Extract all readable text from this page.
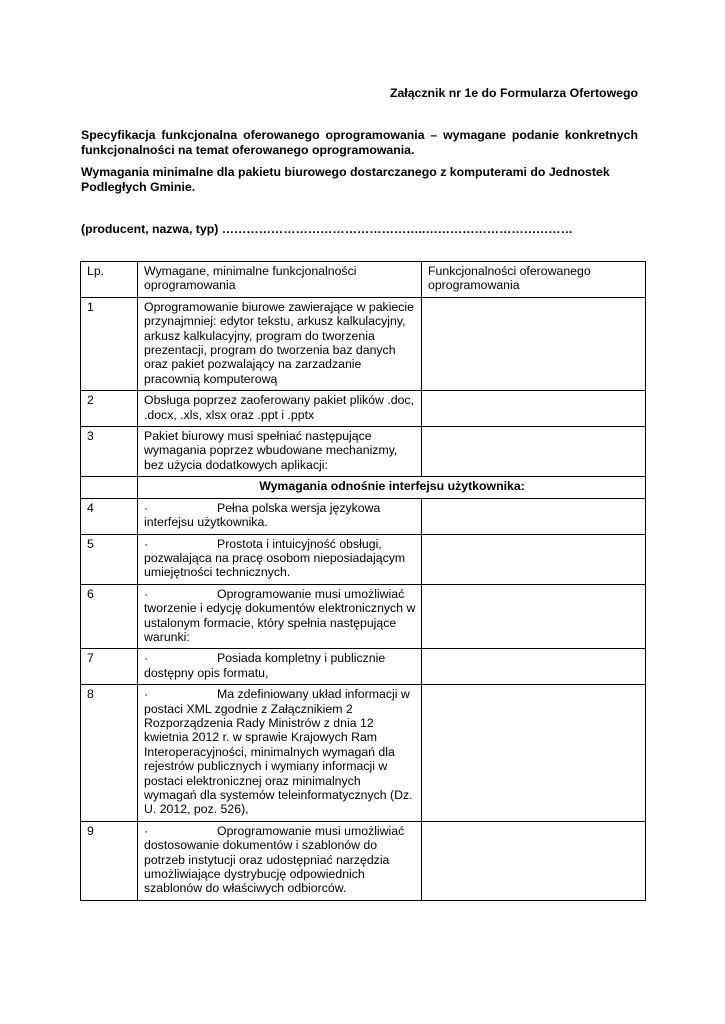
Załącznik nr 1e do Formularza Ofertowego
Specyfikacja funkcjonalna oferowanego oprogramowania – wymagane podanie konkretnych funkcjonalności na temat oferowanego oprogramowania.
Wymagania minimalne dla pakietu biurowego dostarczanego z komputerami do Jednostek Podległych Gminie.
(producent, nazwa, typ) …………………………………………..………………………………
Lp.	Wymagane, minimalne funkcjonalności oprogramowania	Funkcjonalności oferowanego oprogramowania
1	Oprogramowanie biurowe zawierające w pakiecie przynajmniej: edytor tekstu, arkusz kalkulacyjny, arkusz kalkulacyjny, program do tworzenia prezentacji, program do tworzenia baz danych oraz pakiet pozwalający na zarzadzanie pracownią komputerową	
2	Obsługa poprzez zaoferowany pakiet plików .doc, .docx, .xls, xlsx oraz .ppt i .pptx	
3	Pakiet biurowy musi spełniać następujące wymagania poprzez wbudowane mechanizmy, bez użycia dodatkowych aplikacji:	
	Wymagania odnośnie interfejsu użytkownika:	
4	· Pełna polska wersja językowa
interfejsu użytkownika.	

5	· Prostota i intuicyjność obsługi,
pozwalająca na pracę osobom nieposiadającym umiejętności technicznych.	

6	· Oprogramowanie musi umożliwiać
tworzenie i edycję dokumentów elektronicznych w ustalonym formacie, który spełnia następujące warunki:	

7	· Posiada kompletny i publicznie
dostępny opis formatu,	

8	· Ma zdefiniowany układ informacji w
postaci XML zgodnie z Załącznikiem 2 Rozporządzenia Rady Ministrów z dnia 12 kwietnia 2012 r. w sprawie Krajowych Ram Interoperacyjności, minimalnych wymagań dla rejestrów publicznych i wymiany informacji w postaci elektronicznej oraz minimalnych wymagań dla systemów teleinformatycznych (Dz. U. 2012, poz. 526),	

9	· Oprogramowanie musi umożliwiać
dostosowanie dokumentów i szablonów do potrzeb instytucji oraz udostępniać narzędzia umożliwiające dystrybucję odpowiednich szablonów do właściwych odbiorców.	
